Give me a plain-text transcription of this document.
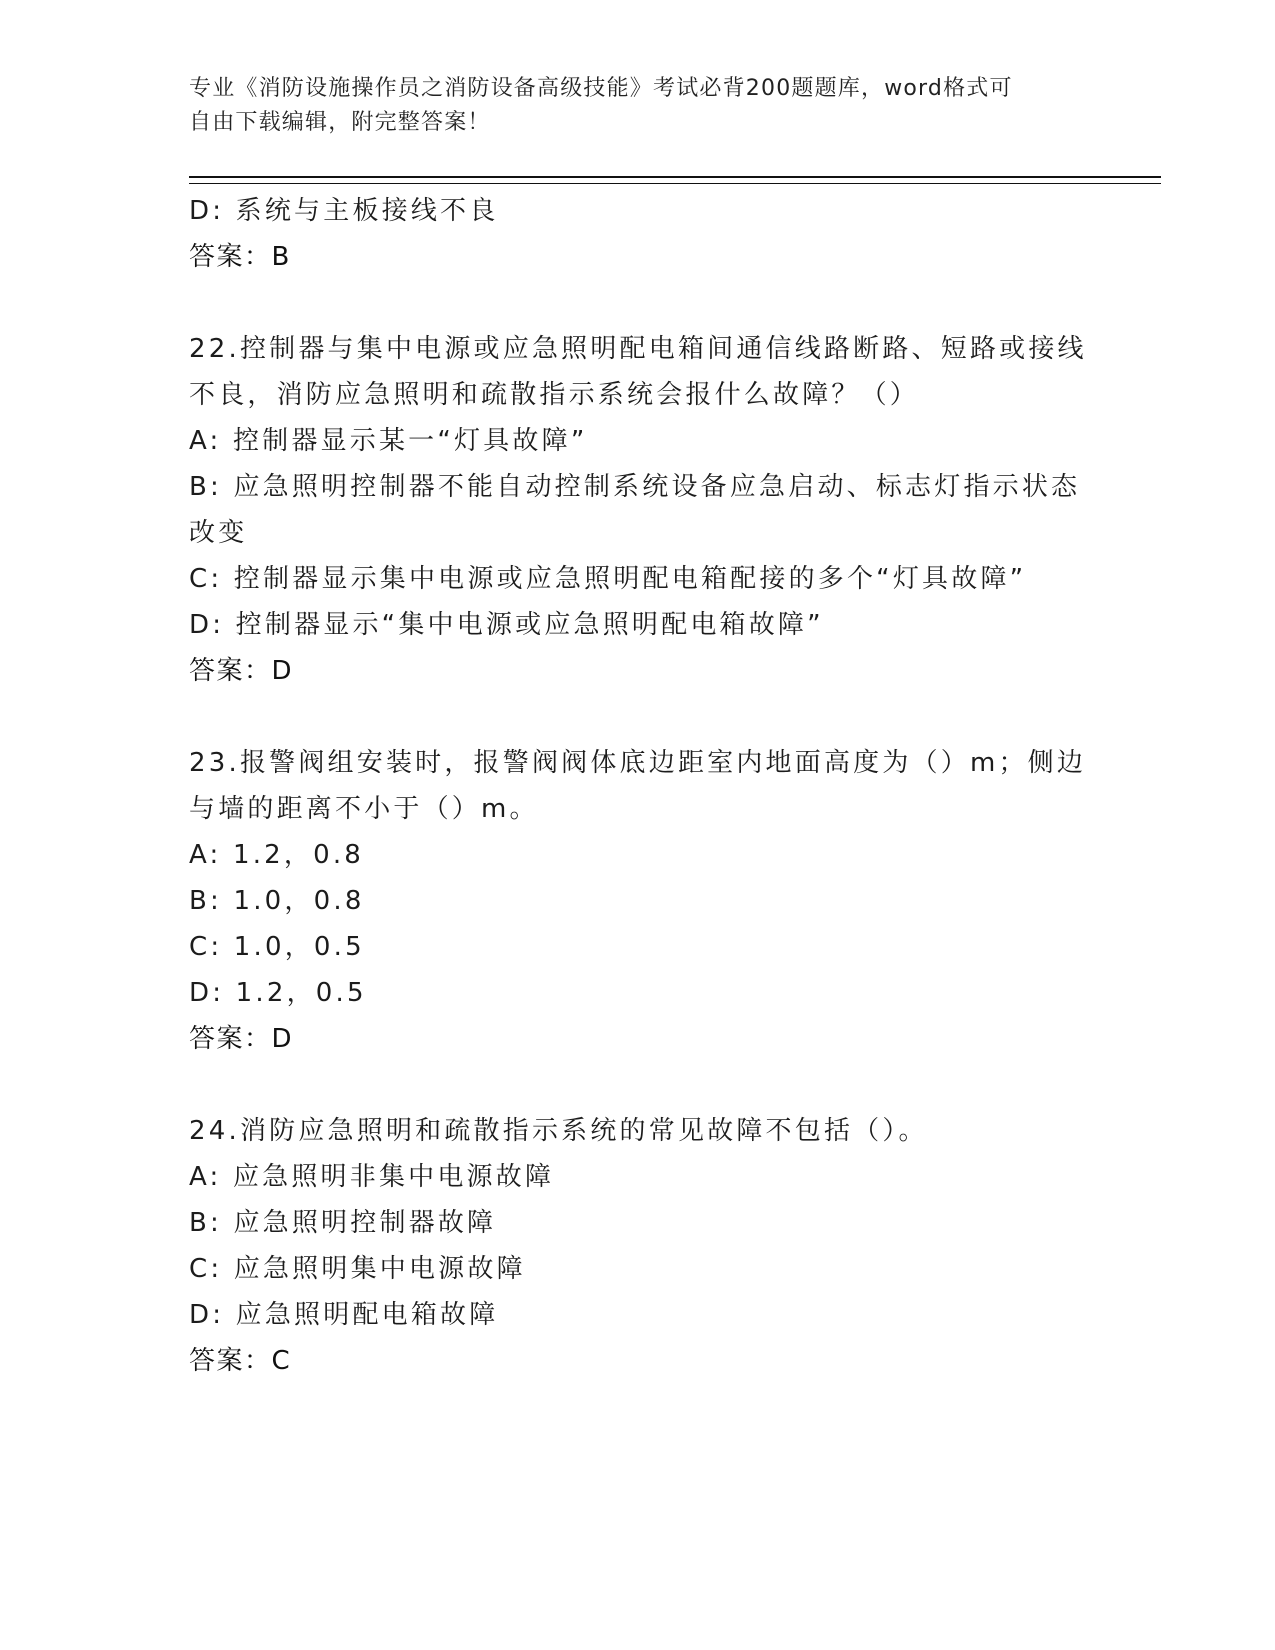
专业《消防设施操作员之消防设备高级技能》考试必背200题题库，word格式可
自由下载编辑，附完整答案！
D: 系统与主板接线不良
答案：B
22.控制器与集中电源或应急照明配电箱间通信线路断路、短路或接线
不良，消防应急照明和疏散指示系统会报什么故障？（）
A: 控制器显示某一“灯具故障”
B: 应急照明控制器不能自动控制系统设备应急启动、标志灯指示状态
改变
C: 控制器显示集中电源或应急照明配电箱配接的多个“灯具故障”
D: 控制器显示“集中电源或应急照明配电箱故障”
答案：D
23.报警阀组安装时，报警阀阀体底边距室内地面高度为（）m；侧边
与墙的距离不小于（）m。
A: 1.2，0.8
B: 1.0，0.8
C: 1.0，0.5
D: 1.2，0.5
答案：D
24.消防应急照明和疏散指示系统的常见故障不包括（）。
A: 应急照明非集中电源故障
B: 应急照明控制器故障
C: 应急照明集中电源故障
D: 应急照明配电箱故障
答案：C
